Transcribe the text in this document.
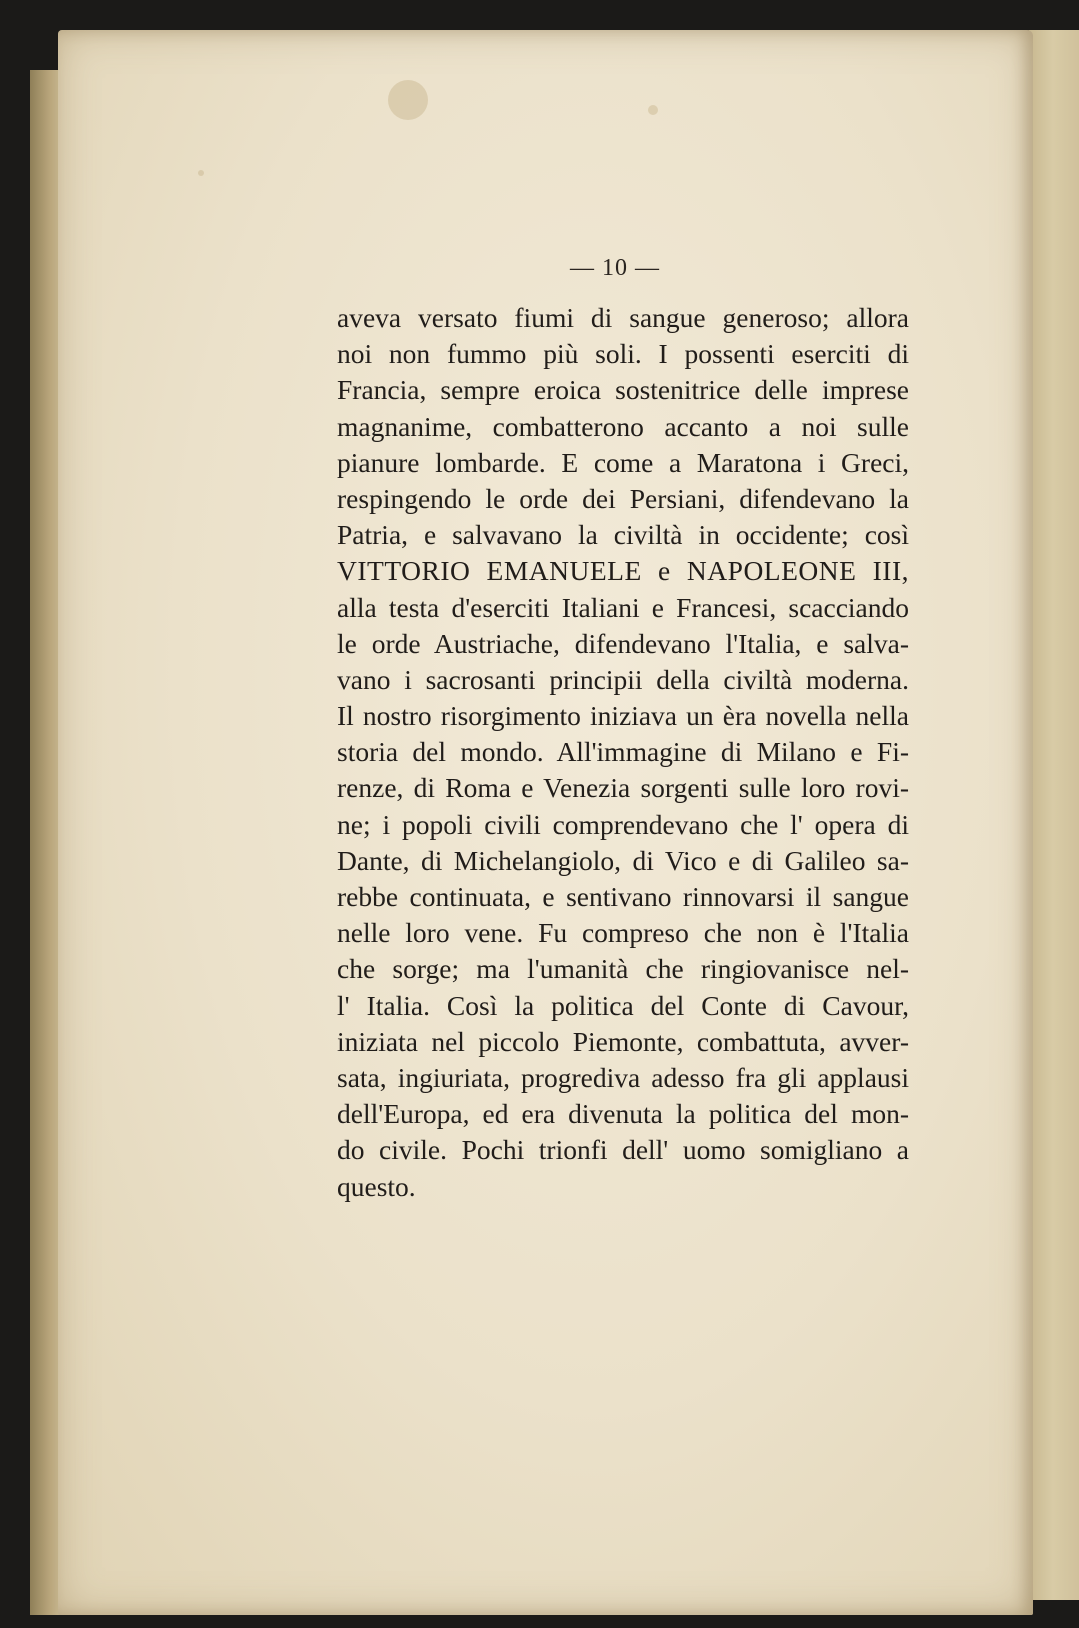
— 10 —
aveva versato fiumi di sangue generoso; allora
noi non fummo più soli. I possenti eserciti di
Francia, sempre eroica sostenitrice delle imprese
magnanime, combatterono accanto a noi sulle
pianure lombarde. E come a Maratona i Greci,
respingendo le orde dei Persiani, difendevano la
Patria, e salvavano la civiltà in occidente; così
VITTORIO EMANUELE e NAPOLEONE III,
alla testa d'eserciti Italiani e Francesi, scacciando
le orde Austriache, difendevano l'Italia, e salva-
vano i sacrosanti principii della civiltà moderna.
Il nostro risorgimento iniziava un èra novella nella
storia del mondo. All'immagine di Milano e Fi-
renze, di Roma e Venezia sorgenti sulle loro rovi-
ne; i popoli civili comprendevano che l' opera di
Dante, di Michelangiolo, di Vico e di Galileo sa-
rebbe continuata, e sentivano rinnovarsi il sangue
nelle loro vene. Fu compreso che non è l'Italia
che sorge; ma l'umanità che ringiovanisce nel-
l' Italia. Così la politica del Conte di Cavour,
iniziata nel piccolo Piemonte, combattuta, avver-
sata, ingiuriata, progrediva adesso fra gli applausi
dell'Europa, ed era divenuta la politica del mon-
do civile. Pochi trionfi dell' uomo somigliano a
questo.
